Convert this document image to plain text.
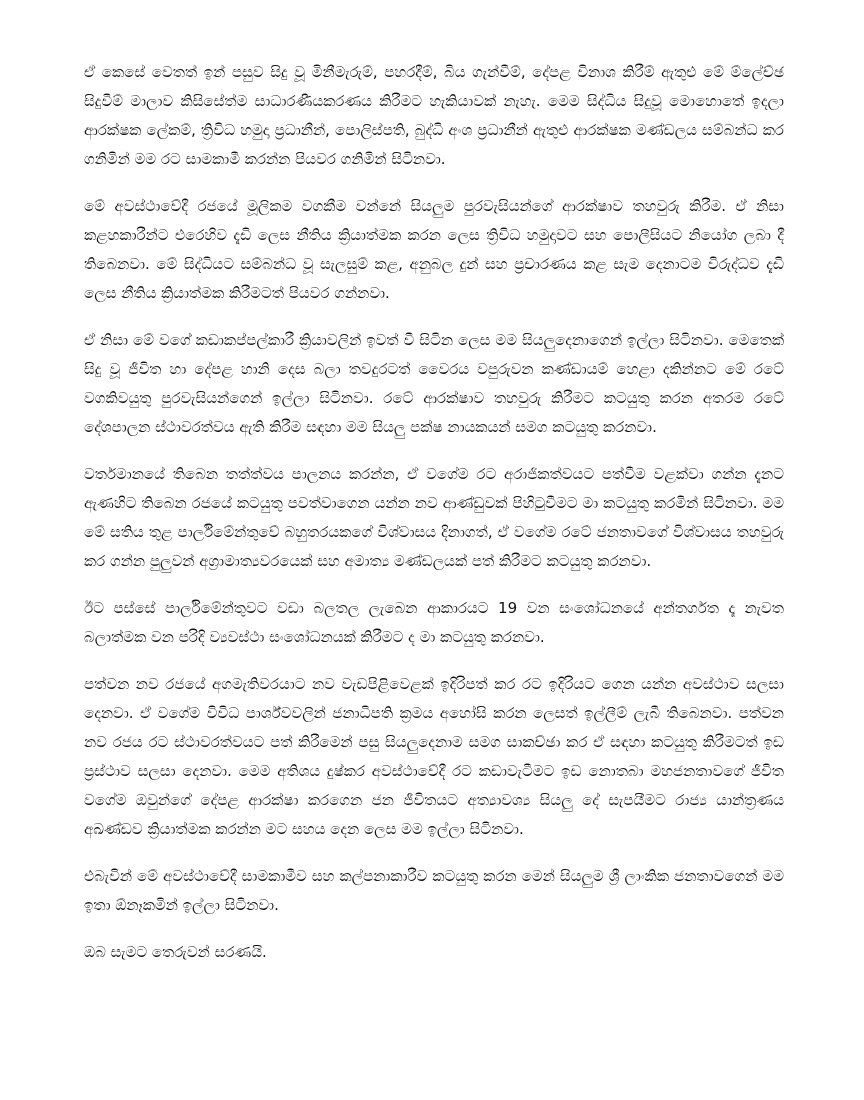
ඒ කෙසේ වෙතත් ඉන් පසුව සිදු වූ මිනීමැරුම්, පහරදීම්, බිය ගැන්වීම්, දේපළ විනාශ කිරීම් ඇතුළු මේ ම්ලේච්ඡ සිදුවීම් මාලාව කිසිසේත්ම සාධාරණීයකරණය කිරීමට හැකියාවක් නැහැ. මෙම සිද්ධිය සිදුවූ මොහොතේ ඉදලා ආරක්ෂක ලේකම්, ත්‍රිවිධ හමුදා ප්‍රධානීන්, පොලිස්පති, බුද්ධි අංශ ප්‍රධානීන් ඇතුළු ආරක්ෂක මණ්ඩලය සම්බන්ධ කර ගනිමින් මම රට සාමකාමී කරන්න පියවර ගනිමින් සිටිනවා.

මේ අවස්ථාවේදී රජයේ මූලිකම වගකීම වන්නේ සියලුම පුරවැසියන්ගේ ආරක්ෂාව තහවුරු කිරීම. ඒ නිසා කළහකාරීන්ට එරෙහිව දැඩි ලෙස නීතිය ක්‍රියාත්මක කරන ලෙස ත්‍රිවිධ හමුදාවට සහ පොලීසියට නියෝග ලබා දී තිබෙනවා. මේ සිද්ධියට සම්බන්ධ වූ සැලසුම් කළ, අනුබල දුන් සහ ප්‍රචාරණය කළ සැම දෙනාටම විරුද්ධව දැඩි ලෙස නීතිය ක්‍රියාත්මක කිරීමටත් පියවර ගන්නවා.

ඒ නිසා මේ වගේ කඩාකප්පල්කාරී ක්‍රියාවලින් ඉවත් වී සිටින ලෙස මම සියලුදෙනාගෙන් ඉල්ලා සිටිනවා. මෙතෙක් සිදු වූ ජීවිත හා දේපළ හානි දෙස බලා තවදුරටත් වෛරය වපුරුවන කණ්ඩායම් හෙළා දකින්නට මේ රටේ වගකිවයුතු පුරවැසියන්ගෙන් ඉල්ලා සිටිනවා. රටේ ආරක්ෂාව තහවුරු කිරීමට කටයුතු කරන අතරම රටේ දේශපාලන ස්ථාවරත්වය ඇති කිරීම සඳහා මම සියලු පක්ෂ නායකයන් සමග කටයුතු කරනවා.

වර්තමානයේ තිබෙන තත්ත්වය පාලනය කරන්න, ඒ වගේම රට අරාජිකත්වයට පත්වීම වළක්වා ගන්න දැනට ඇණහිට තිබෙන රජයේ කටයුතු පවත්වාගෙන යන්න නව ආණ්ඩුවක් පිහිටුවීමට මා කටයුතු කරමින් සිටිනවා. මම මේ සතිය තුළ පාර්ලිමේන්තුවේ බහුතරයකගේ විශ්වාසය දිනාගත්, ඒ වගේම රටේ ජනතාවගේ විශ්වාසය තහවුරු කර ගන්න පුලුවන් අග්‍රාමාත්‍යවරයෙක් සහ අමාත්‍ය මණ්ඩලයක් පත් කිරීමට කටයුතු කරනවා.

ඊට පස්සේ පාර්ලිමේන්තුවට වඩා බලතල ලැබෙන ආකාරයට 19 වන සංශෝධනයේ අන්තර්ගත දෑ නැවත බලාත්මක වන පරිදි ව්‍යවස්ථා සංශෝධනයක් කිරීමට ද මා කටයුතු කරනවා.

පත්වන නව රජයේ අගමැතිවරයාට නව වැඩපිළිවෙළක් ඉදිරිපත් කර රට ඉදිරියට ගෙන යන්න අවස්ථාව සලසා දෙනවා. ඒ වගේම විවිධ පාර්ශ්වවලින් ජනාධිපති ක්‍රමය අහෝසි කරන ලෙසත් ඉල්ලීම් ලැබී තිබෙනවා. පත්වන නව රජය රට ස්ථාවරත්වයට පත් කිරීමෙන් පසු සියලුදෙනාම සමග සාකච්ඡා කර ඒ සඳහා කටයුතු කිරීමටත් ඉඩ ප්‍රස්ථාව සලසා දෙනවා. මෙම අතිශය දුෂ්කර අවස්ථාවේදී රට කඩාවැටීමට ඉඩ නොතබා මහජනතාවගේ ජීවිත වගේම ඔවුන්ගේ දේපළ ආරක්ෂා කරගෙන ජන ජීවිතයට අත්‍යාවශ්‍ය සියලු දේ සැපයීමට රාජ්‍ය යාන්ත්‍රණය අඛණ්ඩව ක්‍රියාත්මක කරන්න මට සහය දෙන ලෙස මම ඉල්ලා සිටිනවා.

එබැවින් මේ අවස්ථාවේදී සාමකාමීව සහ කල්පනාකාරීව කටයුතු කරන මෙන් සියලුම ශ්‍රී ලාංකික ජනතාවගෙන් මම ඉතා ඕනෑකමින් ඉල්ලා සිටිනවා.

ඔබ සැමට තෙරුවන් සරණයි.
